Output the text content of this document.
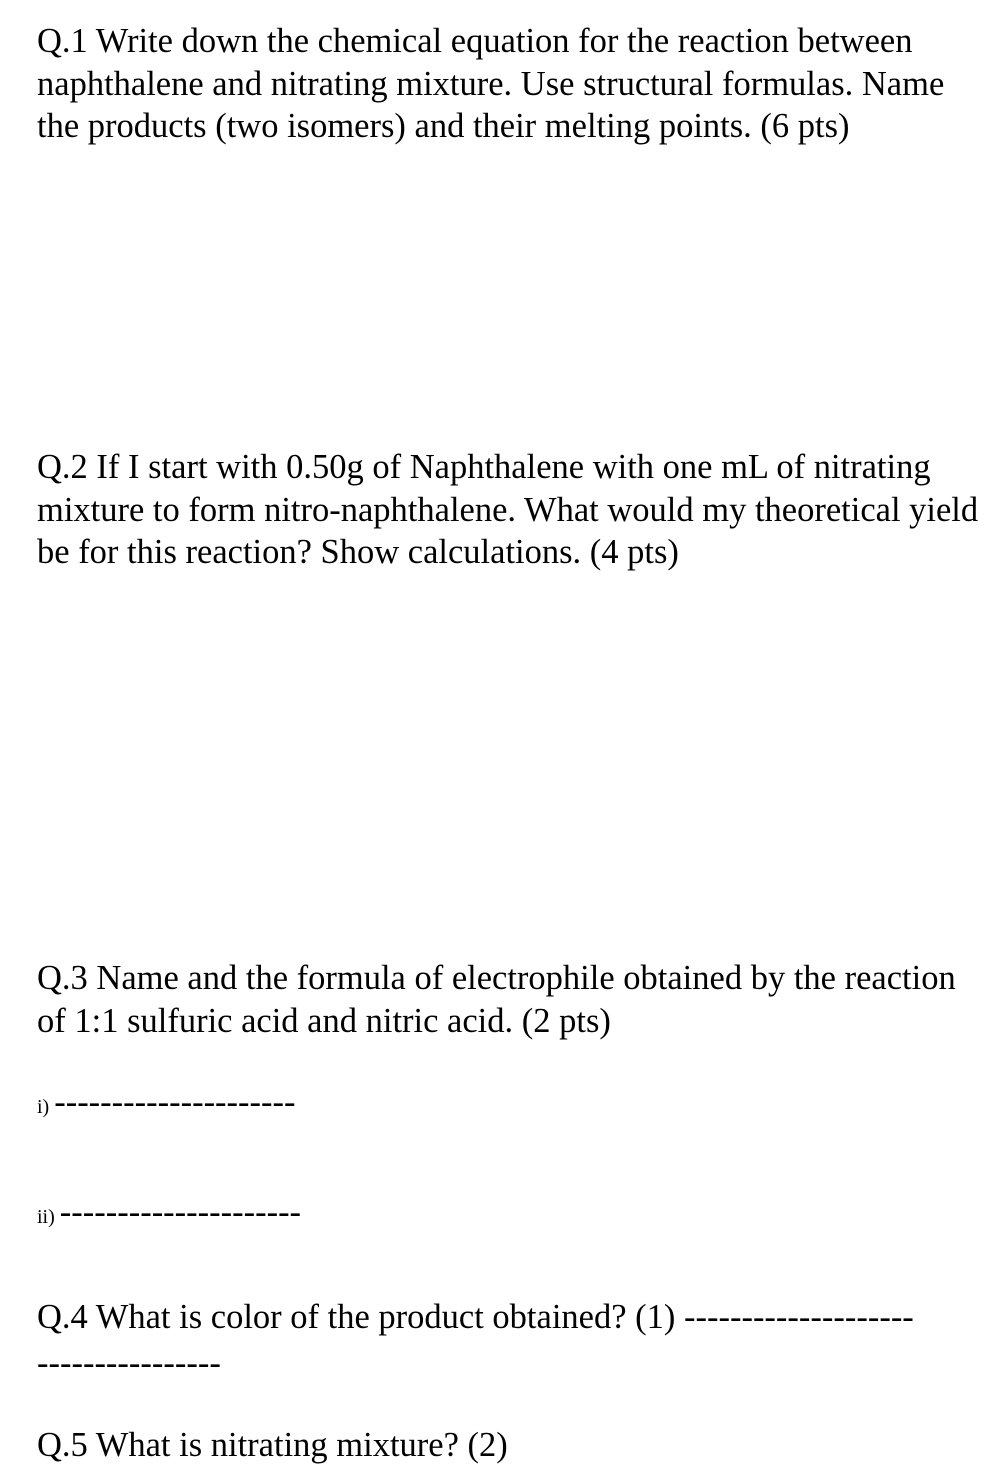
Q.1 Write down the chemical equation for the reaction between naphthalene and nitrating mixture. Use structural formulas. Name the products (two isomers) and their melting points. (6 pts)

Q.2 If I start with 0.50g of Naphthalene with one mL of nitrating mixture to form nitro-naphthalene. What would my theoretical yield be for this reaction? Show calculations. (4 pts)

Q.3 Name and the formula of electrophile obtained by the reaction of 1:1 sulfuric acid and nitric acid. (2 pts)

i) ---------------------
ii) ---------------------

Q.4 What is color of the product obtained? (1) --------------------

----------------

Q.5 What is nitrating mixture? (2)
